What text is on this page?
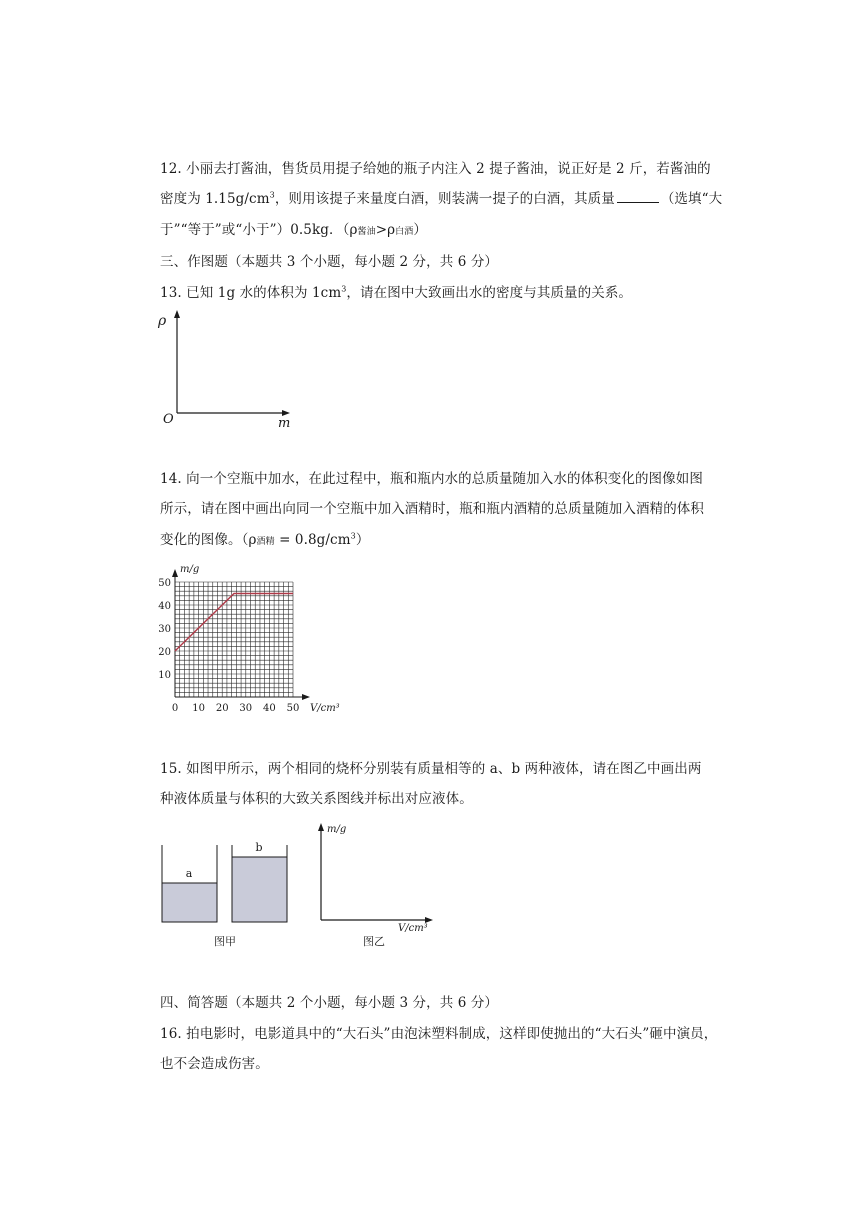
12. 小丽去打酱油，售货员用提子给她的瓶子内注入 2 提子酱油，说正好是 2 斤，若酱油的
密度为 $1.15g/cm^3$，则用该提子来量度白酒，则装满一提子的白酒，其质量	（选填“大
于”“等于”或“小于”）0.5kg．（ρ酱油>ρ白酒）
三、作图题（本题共 3 个小题，每小题 2 分，共 6 分）
13. 已知 1g 水的体积为 $1cm^3$，请在图中大致画出水的密度与其质量的关系。
ρ
O	m
14. 向一个空瓶中加水，在此过程中，瓶和瓶内水的总质量随加入水的体积变化的图像如图
所示，请在图中画出向同一个空瓶中加入酒精时，瓶和瓶内酒精的总质量随加入酒精的体积
变化的图像。（ρ酒精 = $0.8g/cm^3$）
0 10 20 30 40 50
10
20
30
40
50
m/g
V/cm³
15. 如图甲所示，两个相同的烧杯分别装有质量相等的 a、b 两种液体，请在图乙中画出两
种液体质量与体积的大致关系图线并标出对应液体。
a
b
图甲
m/g
V/cm³
图乙
四、简答题（本题共 2 个小题，每小题 3 分，共 6 分）
16. 拍电影时，电影道具中的“大石头”由泡沫塑料制成，这样即使抛出的“大石头”砸中演员，
也不会造成伤害。
